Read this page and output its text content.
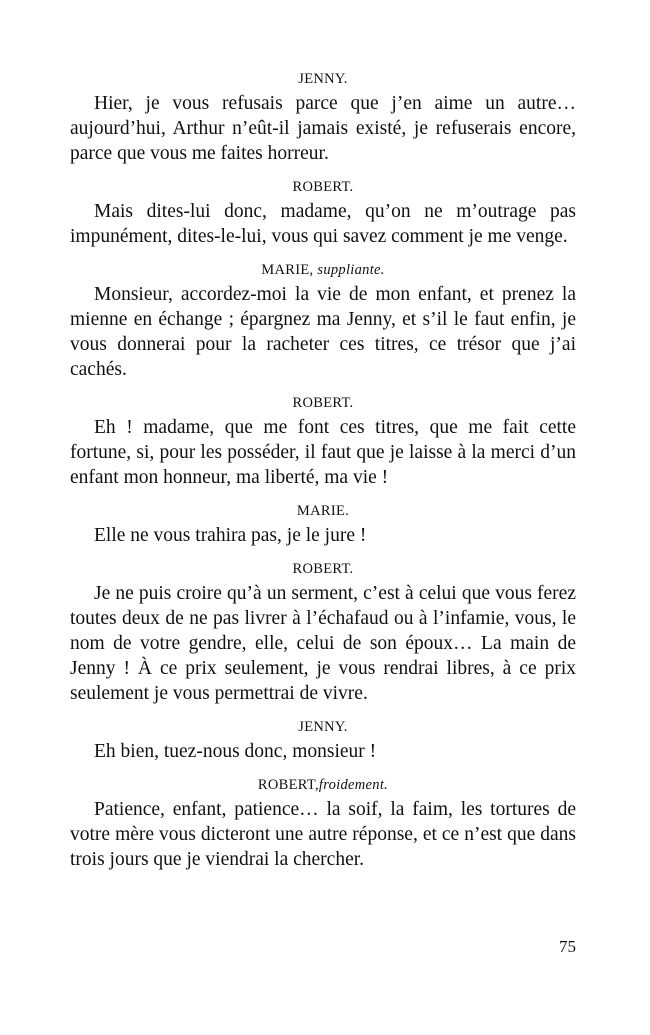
JENNY.

Hier, je vous refusais parce que j’en aime un autre… aujourd’hui, Arthur n’eût-il jamais existé, je refuserais encore, parce que vous me faites horreur.

ROBERT.

Mais dites-lui donc, madame, qu’on ne m’outrage pas impunément, dites-le-lui, vous qui savez comment je me venge.

MARIE, suppliante.

Monsieur, accordez-moi la vie de mon enfant, et prenez la mienne en échange ; épargnez ma Jenny, et s’il le faut enfin, je vous donnerai pour la racheter ces titres, ce trésor que j’ai cachés.

ROBERT.

Eh ! madame, que me font ces titres, que me fait cette fortune, si, pour les posséder, il faut que je laisse à la merci d’un enfant mon honneur, ma liberté, ma vie !

MARIE.

Elle ne vous trahira pas, je le jure !

ROBERT.

Je ne puis croire qu’à un serment, c’est à celui que vous ferez toutes deux de ne pas livrer à l’échafaud ou à l’infamie, vous, le nom de votre gendre, elle, celui de son époux… La main de Jenny ! À ce prix seulement, je vous rendrai libres, à ce prix seulement je vous permettrai de vivre.

JENNY.

Eh bien, tuez-nous donc, monsieur !

ROBERT,froidement.

Patience, enfant, patience… la soif, la faim, les tortures de votre mère vous dicteront une autre réponse, et ce n’est que dans trois jours que je viendrai la chercher.

75
